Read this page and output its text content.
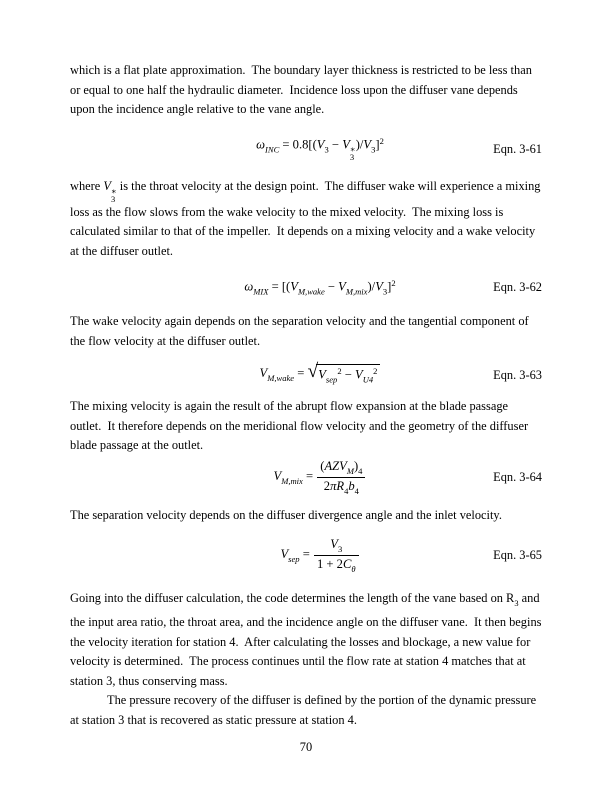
which is a flat plate approximation.  The boundary layer thickness is restricted to be less than or equal to one half the hydraulic diameter.  Incidence loss upon the diffuser vane depends upon the incidence angle relative to the vane angle.

$\omega_{INC} = 0.8[(V_3 - V$ ∗
3
)$/V_3]^2$
Eqn. 3-61

where V ∗
3
is the throat velocity at the design point.  The diffuser wake will experience a mixing loss as the flow slows from the wake velocity to the mixed velocity.  The mixing loss is calculated similar to that of the impeller.  It depends on a mixing velocity and a wake velocity at the diffuser outlet.

$\omega_{MIX} = [(V_{M,wake} - V_{M,mix})/V_3]^2$	Eqn. 3-62

The wake velocity again depends on the separation velocity and the tangential component of the flow velocity at the diffuser outlet.

$V_{M,wake}$ = √ $V_{sep}^2 - V_{U4}^2$	Eqn. 3-63

The mixing velocity is again the result of the abrupt flow expansion at the blade passage outlet.  It therefore depends on the meridional flow velocity and the geometry of the diffuser blade passage at the outlet.

$V_{M,mix} = \frac{(AZV_M)_4}{2\pi R_4b_4}$	Eqn. 3-64

The separation velocity depends on the diffuser divergence angle and the inlet velocity.

$V_{sep} = \frac{V_3}{1 + 2C_\theta}$	Eqn. 3-65

Going into the diffuser calculation, the code determines the length of the vane based on $R_3$ and the input area ratio, the throat area, and the incidence angle on the diffuser vane.  It then begins the velocity iteration for station 4.  After calculating the losses and blockage, a new value for velocity is determined.  The process continues until the flow rate at station 4 matches that at station 3, thus conserving mass.

The pressure recovery of the diffuser is defined by the portion of the dynamic pressure at station 3 that is recovered as static pressure at station 4.

70
